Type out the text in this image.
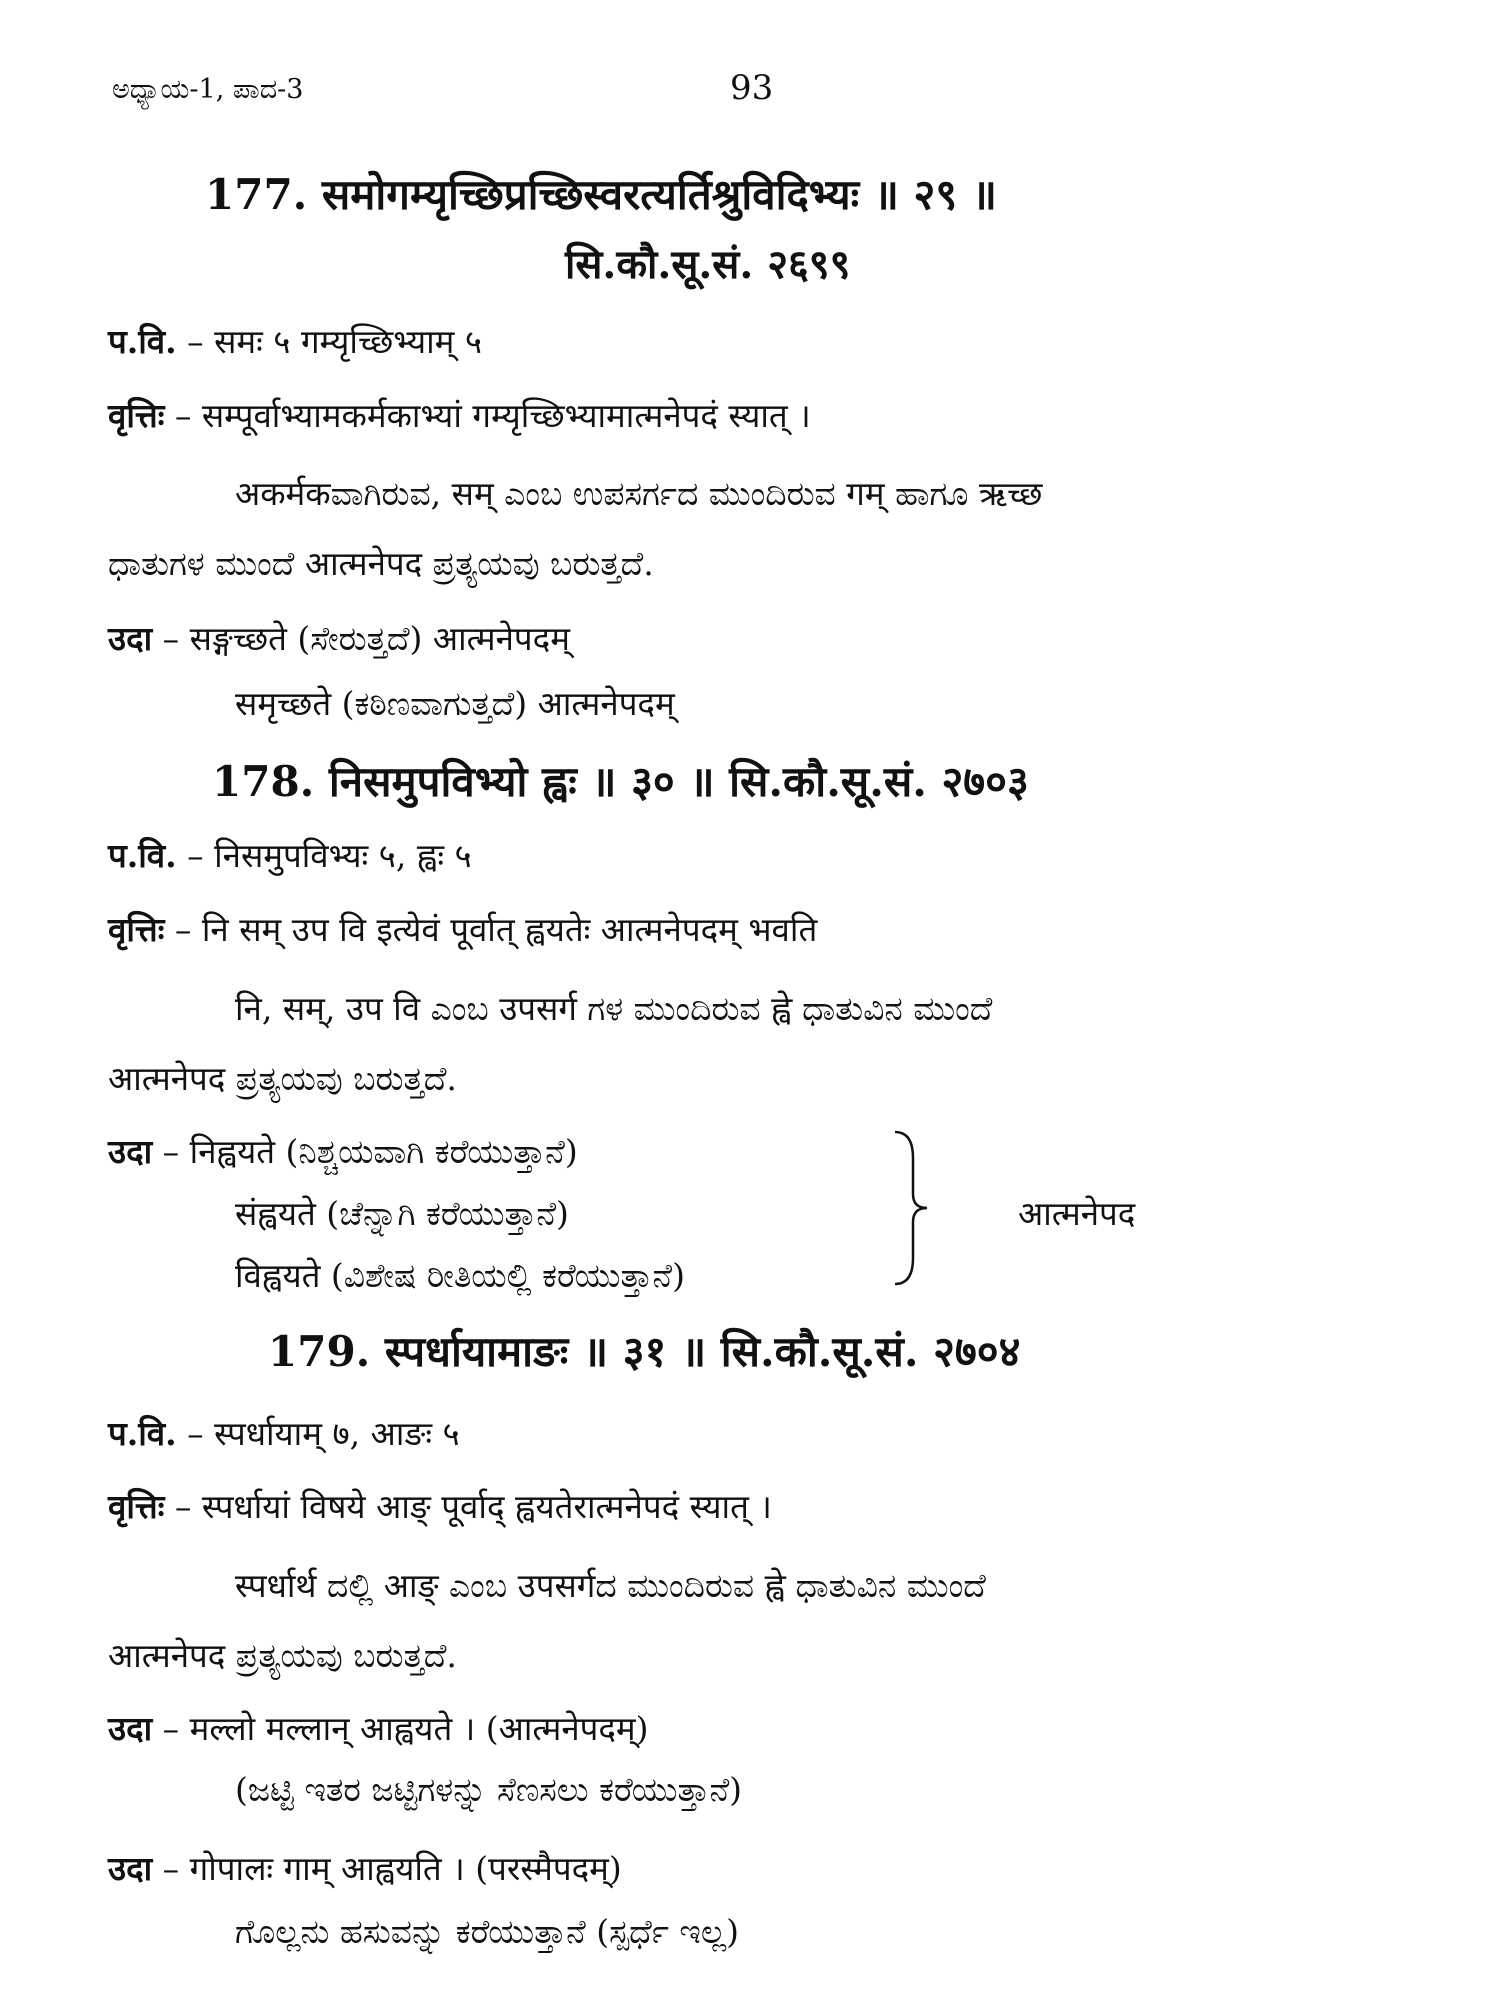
ಅಧ್ಯಾಯ-1, ಪಾದ-3	93
177. समोगम्यृच्छिप्रच्छिस्वरत्यर्तिश्रुविदिभ्यः ॥ २९ ॥
सि.कौ.सू.सं. २६९९
प.वि. – समः ५ गम्यृच्छिभ्याम् ५
वृत्तिः – सम्पूर्वाभ्यामकर्मकाभ्यां गम्यृच्छिभ्यामात्मनेपदं स्यात् ।
अकर्मकವಾಗಿರುವ, सम् ಎಂಬ ಉಪಸರ್ಗದ ಮುಂದಿರುವ गम् ಹಾಗೂ ऋच्छ
ಧಾತುಗಳ ಮುಂದೆ आत्मनेपद ಪ್ರತ್ಯಯವು ಬರುತ್ತದೆ.
उदा – सङ्गच्छते (ಸೇರುತ್ತದೆ) आत्मनेपदम्
समृच्छते (ಕಠಿಣವಾಗುತ್ತದೆ) आत्मनेपदम्
178. निसमुपविभ्यो ह्वः ॥ ३० ॥ सि.कौ.सू.सं. २७०३
प.वि. – निसमुपविभ्यः ५, ह्वः ५
वृत्तिः – नि सम् उप वि इत्येवं पूर्वात् ह्वयतेः आत्मनेपदम् भवति
नि, सम्, उप वि ಎಂಬ उपसर्ग ಗಳ ಮುಂದಿರುವ ह्वे ಧಾತುವಿನ ಮುಂದೆ
आत्मनेपद ಪ್ರತ್ಯಯವು ಬರುತ್ತದೆ.
उदा – निह्वयते (ನಿಶ್ಚಯವಾಗಿ ಕರೆಯುತ್ತಾನೆ)
संह्वयते (ಚೆನ್ನಾಗಿ ಕರೆಯುತ್ತಾನೆ)
विह्वयते (ವಿಶೇಷ ರೀತಿಯಲ್ಲಿ ಕರೆಯುತ್ತಾನೆ)
आत्मनेपद
179. स्पर्धायामाङः ॥ ३१ ॥ सि.कौ.सू.सं. २७०४
प.वि. – स्पर्धायाम् ७, आङः ५
वृत्तिः – स्पर्धायां विषये आङ् पूर्वाद् ह्वयतेरात्मनेपदं स्यात् ।
स्पर्धार्थ ದಲ್ಲಿ आङ् ಎಂಬ उपसर्गದ ಮುಂದಿರುವ ह्वे ಧಾತುವಿನ ಮುಂದೆ
आत्मनेपद ಪ್ರತ್ಯಯವು ಬರುತ್ತದೆ.
उदा – मल्लो मल्लान् आह्वयते । (आत्मनेपदम्)
(ಜಟ್ಟಿ ಇತರ ಜಟ್ಟಿಗಳನ್ನು ಸೆಣಸಲು ಕರೆಯುತ್ತಾನೆ)
उदा – गोपालः गाम् आह्वयति । (परस्मैपदम्)
ಗೊಲ್ಲನು ಹಸುವನ್ನು ಕರೆಯುತ್ತಾನೆ (ಸ್ಪರ್ಧೆ ಇಲ್ಲ)
